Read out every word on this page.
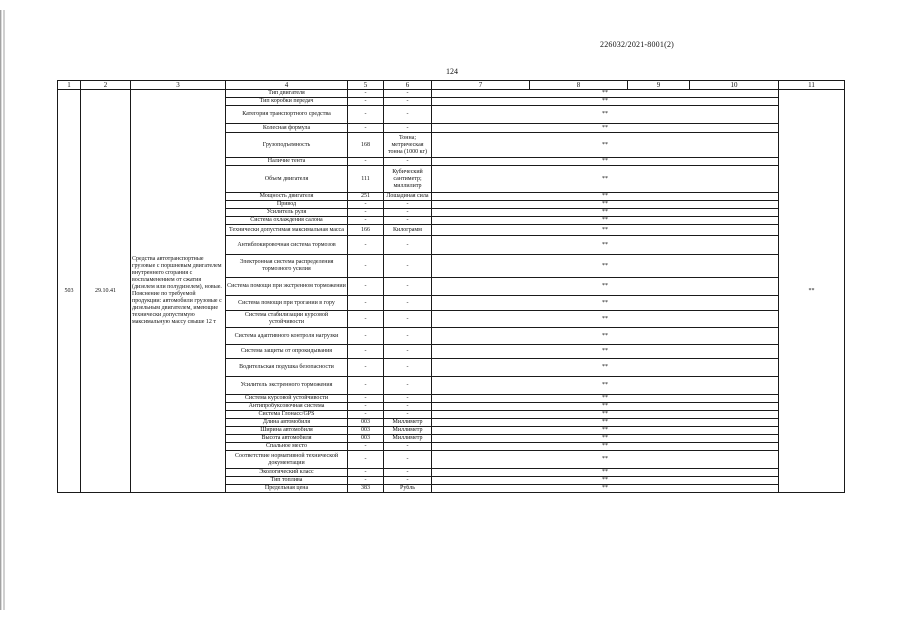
226032/2021-8001(2)
124
1	2	3	4	5	6	7	8	9	10	11
503	29.10.41	Средства автотранспортные грузовые с поршневым двигателем внутреннего сгорания с воспламенением от сжатия (дизелем или полудизелем), новые. Пояснение по требуемой продукции: автомобили грузовые с дизельным двигателем, имеющие технически допустимую максимальную массу свыше 12 т	Тип двигателя	-	-	**				**
			Тип коробки передач	-	-	**				
			Категория транспортного средства	-	-	**				
			Колесная формула	-	-	**				
			Грузоподъемность	168	Тонна; метрическая тонна (1000 кг)	**				
			Наличие тента	-	-	**				
			Объем двигателя	111	Кубический сантиметр; миллилитр	**				
			Мощность двигателя	251	Лошадиная сила	**				
			Привод	-	-	**				
			Усилитель руля	-	-	**				
			Система охлаждения салона	-	-	**				
			Технически допустимая максимальная масса	166	Килограмм	**				
			Антиблокировочная система тормозов	-	-	**				
			Электронная система распределения тормозного усилия	-	-	**				
			Система помощи при экстренном торможении	-	-	**				
			Система помощи при трогании в гору	-	-	**				
			Система стабилизации курсовой устойчивости	-	-	**				
			Система адаптивного контроля нагрузки	-	-	**				
			Система защиты от опрокидывания	-	-	**				
			Водительская подушка безопасности	-	-	**				
			Усилитель экстренного торможения	-	-	**				
			Система курсовой устойчивости	-	-	**				
			Антипробуксовочная система	-	-	**				
			Система Глонасс/GPS	-	-	**				
			Длина автомобиля	003	Миллиметр	**				
			Ширина автомобиля	003	Миллиметр	**				
			Высота автомобиля	003	Миллиметр	**				
			Спальное место	-	-	**				
			Соответствие нормативной технической документации	-	-	**				
			Экологический класс	-	-	**				
			Тип топлива	-	-	**				
			Предельная цена	383	Рубль	**				
